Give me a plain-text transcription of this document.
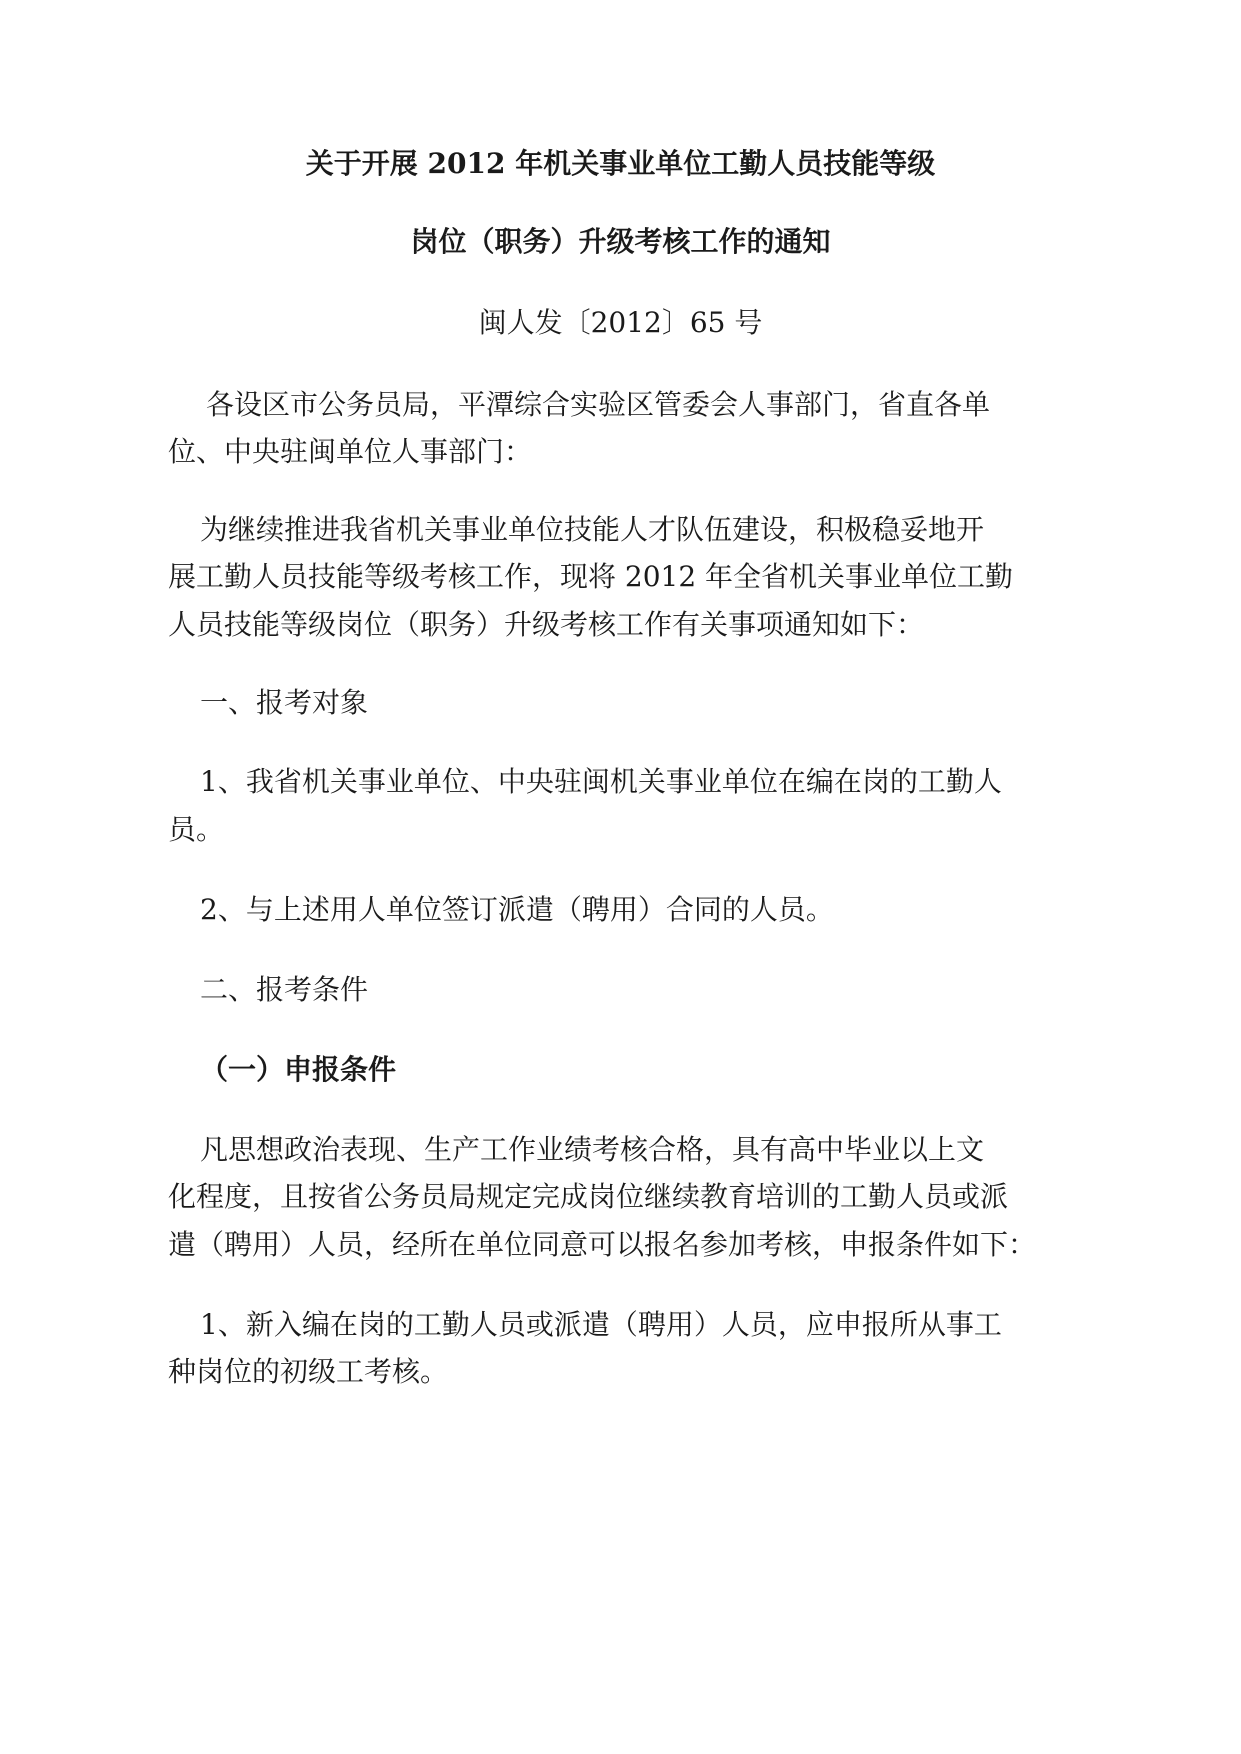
关于开展 2012 年机关事业单位工勤人员技能等级
岗位（职务）升级考核工作的通知
闽人发〔2012〕65 号
各设区市公务员局，平潭综合实验区管委会人事部门，省直各单
位、中央驻闽单位人事部门：
为继续推进我省机关事业单位技能人才队伍建设，积极稳妥地开
展工勤人员技能等级考核工作，现将 2012 年全省机关事业单位工勤
人员技能等级岗位（职务）升级考核工作有关事项通知如下：
一、报考对象
1、我省机关事业单位、中央驻闽机关事业单位在编在岗的工勤人
员。
2、与上述用人单位签订派遣（聘用）合同的人员。
二、报考条件
（一）申报条件
凡思想政治表现、生产工作业绩考核合格，具有高中毕业以上文
化程度，且按省公务员局规定完成岗位继续教育培训的工勤人员或派
遣（聘用）人员，经所在单位同意可以报名参加考核，申报条件如下：
1、新入编在岗的工勤人员或派遣（聘用）人员，应申报所从事工
种岗位的初级工考核。
